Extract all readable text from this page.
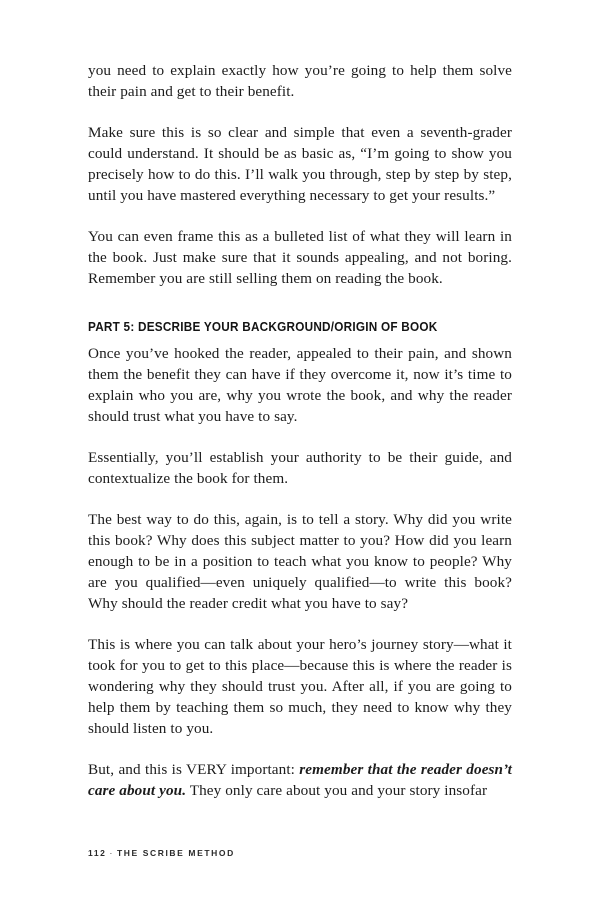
you need to explain exactly how you’re going to help them solve their pain and get to their benefit.

Make sure this is so clear and simple that even a seventh-grader could understand. It should be as basic as, “I’m going to show you precisely how to do this. I’ll walk you through, step by step by step, until you have mastered everything necessary to get your results.”

You can even frame this as a bulleted list of what they will learn in the book. Just make sure that it sounds appealing, and not boring. Remember you are still selling them on reading the book.

PART 5: DESCRIBE YOUR BACKGROUND/ORIGIN OF BOOK

Once you’ve hooked the reader, appealed to their pain, and shown them the benefit they can have if they overcome it, now it’s time to explain who you are, why you wrote the book, and why the reader should trust what you have to say.

Essentially, you’ll establish your authority to be their guide, and contextualize the book for them.

The best way to do this, again, is to tell a story. Why did you write this book? Why does this subject matter to you? How did you learn enough to be in a position to teach what you know to people? Why are you qualified—even uniquely qualified—to write this book? Why should the reader credit what you have to say?

This is where you can talk about your hero’s journey story—what it took for you to get to this place—because this is where the reader is wondering why they should trust you. After all, if you are going to help them by teaching them so much, they need to know why they should listen to you.

But, and this is VERY important: remember that the reader doesn’t care about you. They only care about you and your story insofar

112 · THE SCRIBE METHOD
